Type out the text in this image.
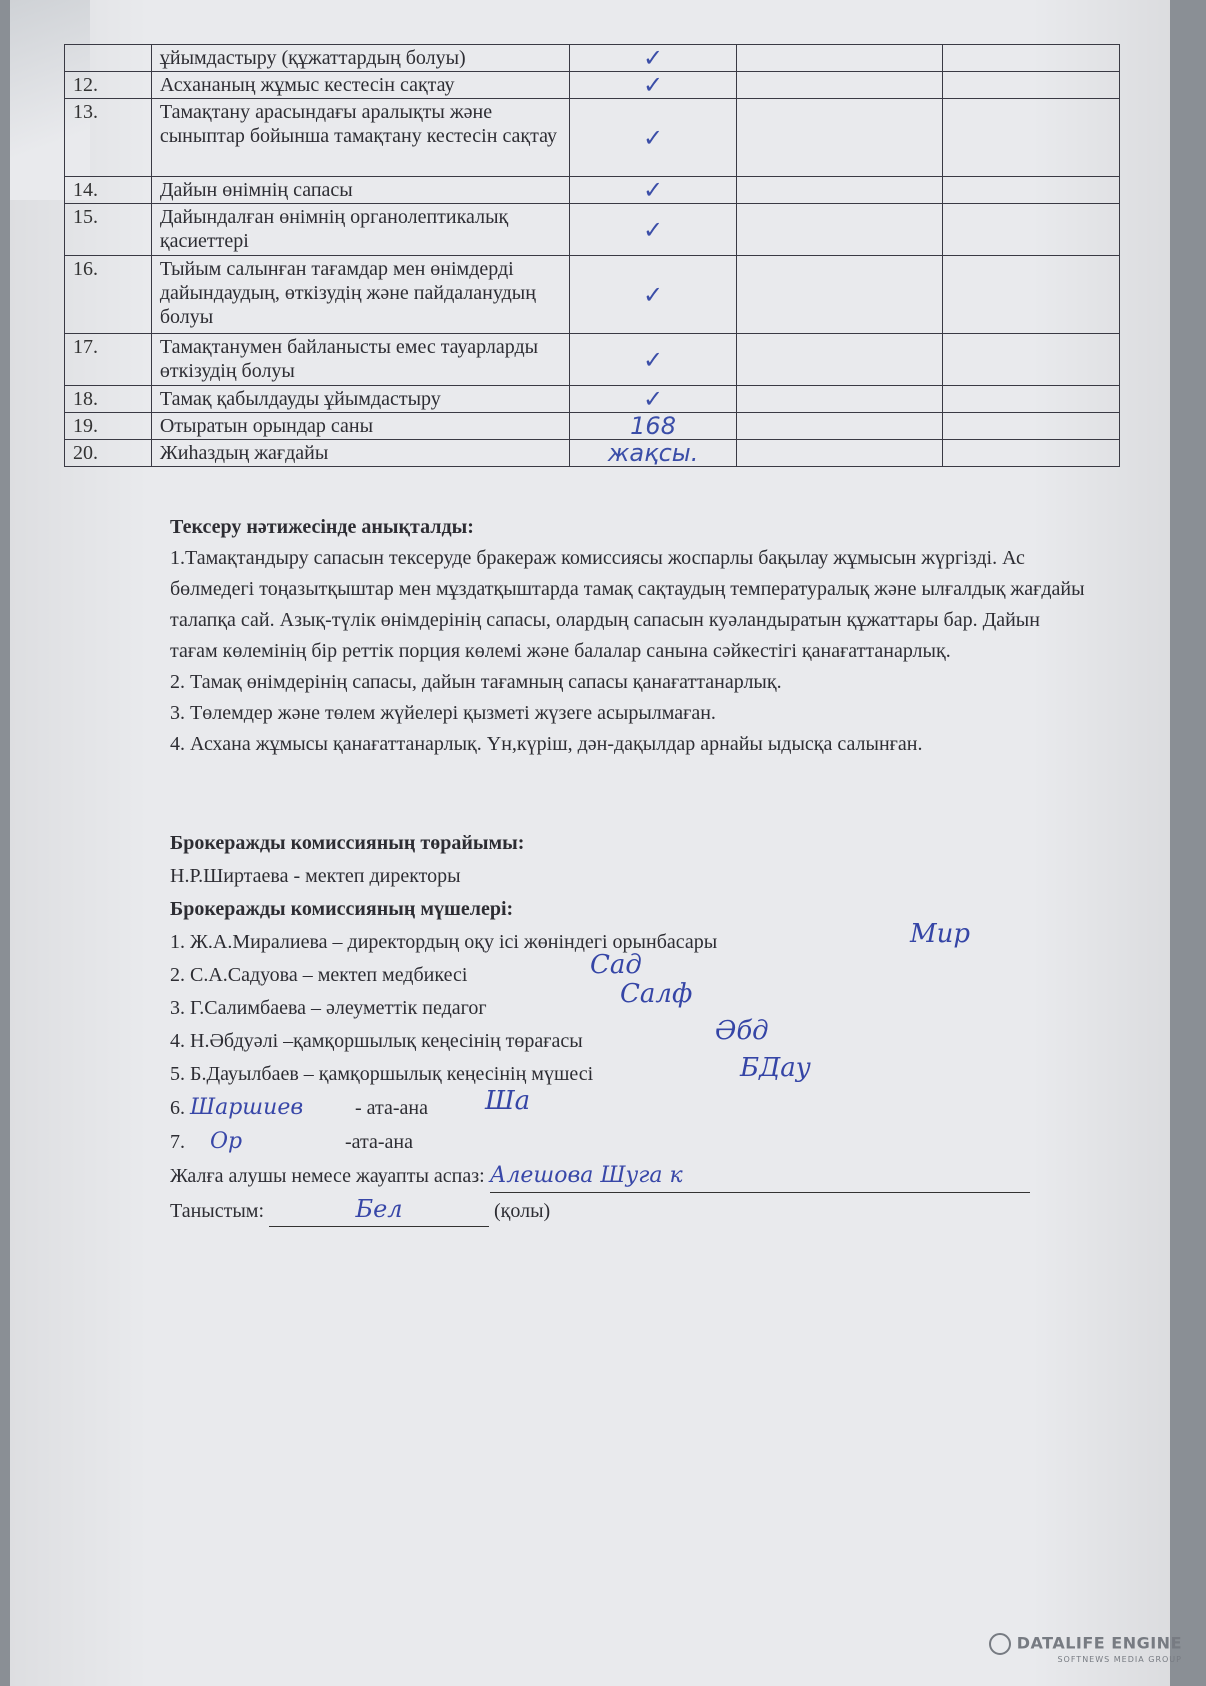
	ұйымдастыру (құжаттардың болуы)	✓		
12.	Асхананың жұмыс кестесін сақтау	✓		
13.	Тамақтану арасындағы аралықты және сыныптар бойынша тамақтану кестесін сақтау	✓		
14.	Дайын өнімнің сапасы	✓		
15.	Дайындалған өнімнің органолептикалық қасиеттері	✓		
16.	Тыйым салынған тағамдар мен өнімдерді дайындаудың, өткізудің және пайдаланудың болуы	✓		
17.	Тамақтанумен байланысты емес тауарларды өткізудің болуы	✓		
18.	Тамақ қабылдауды ұйымдастыру	✓		
19.	Отыратын орындар саны	168		
20.	Жиһаздың жағдайы	жақсы.		

Тексеру нәтижесінде анықталды:

1.Тамақтандыру сапасын тексеруде бракераж комиссиясы жоспарлы бақылау жұмысын жүргізді. Ас бөлмедегі тоңазытқыштар мен мұздатқыштарда тамақ сақтаудың температуралық және ылғалдық жағдайы талапқа сай. Азық-түлік өнімдерінің сапасы, олардың сапасын куәландыратын құжаттары бар. Дайын тағам көлемінің бір реттік порция көлемі және балалар санына сәйкестігі қанағаттанарлық.

2. Тамақ өнімдерінің сапасы, дайын тағамның сапасы қанағаттанарлық.

3. Төлемдер және төлем жүйелері қызметі жүзеге асырылмаған.

4. Асхана жұмысы қанағаттанарлық. Үн,күріш, дән-дақылдар арнайы ыдысқа салынған.

Брокеражды комиссияның төрайымы:
Н.Р.Ширтаева - мектеп директоры
Брокеражды комиссияның мүшелері:
1. Ж.А.Миралиева – директордың оқу ісі жөніндегі орынбасары	Мир
2. С.А.Садуова – мектеп медбикесі	Сад
3. Г.Салимбаева – әлеуметтік педагог	Салф
4. Н.Әбдуәлі –қамқоршылық кеңесінің төрағасы	Әбд
5. Б.Дауылбаев – қамқоршылық кеңесінің мүшесі	БДау
6. Шаршиев	- ата-ана Ша
7. Ор	-ата-ана
Жалға алушы немесе жауапты аспаз: Алешова Шуга к
Таныстым:	Бел	(қолы)
DATALIFE ENGINE
SOFTNEWS MEDIA GROUP
